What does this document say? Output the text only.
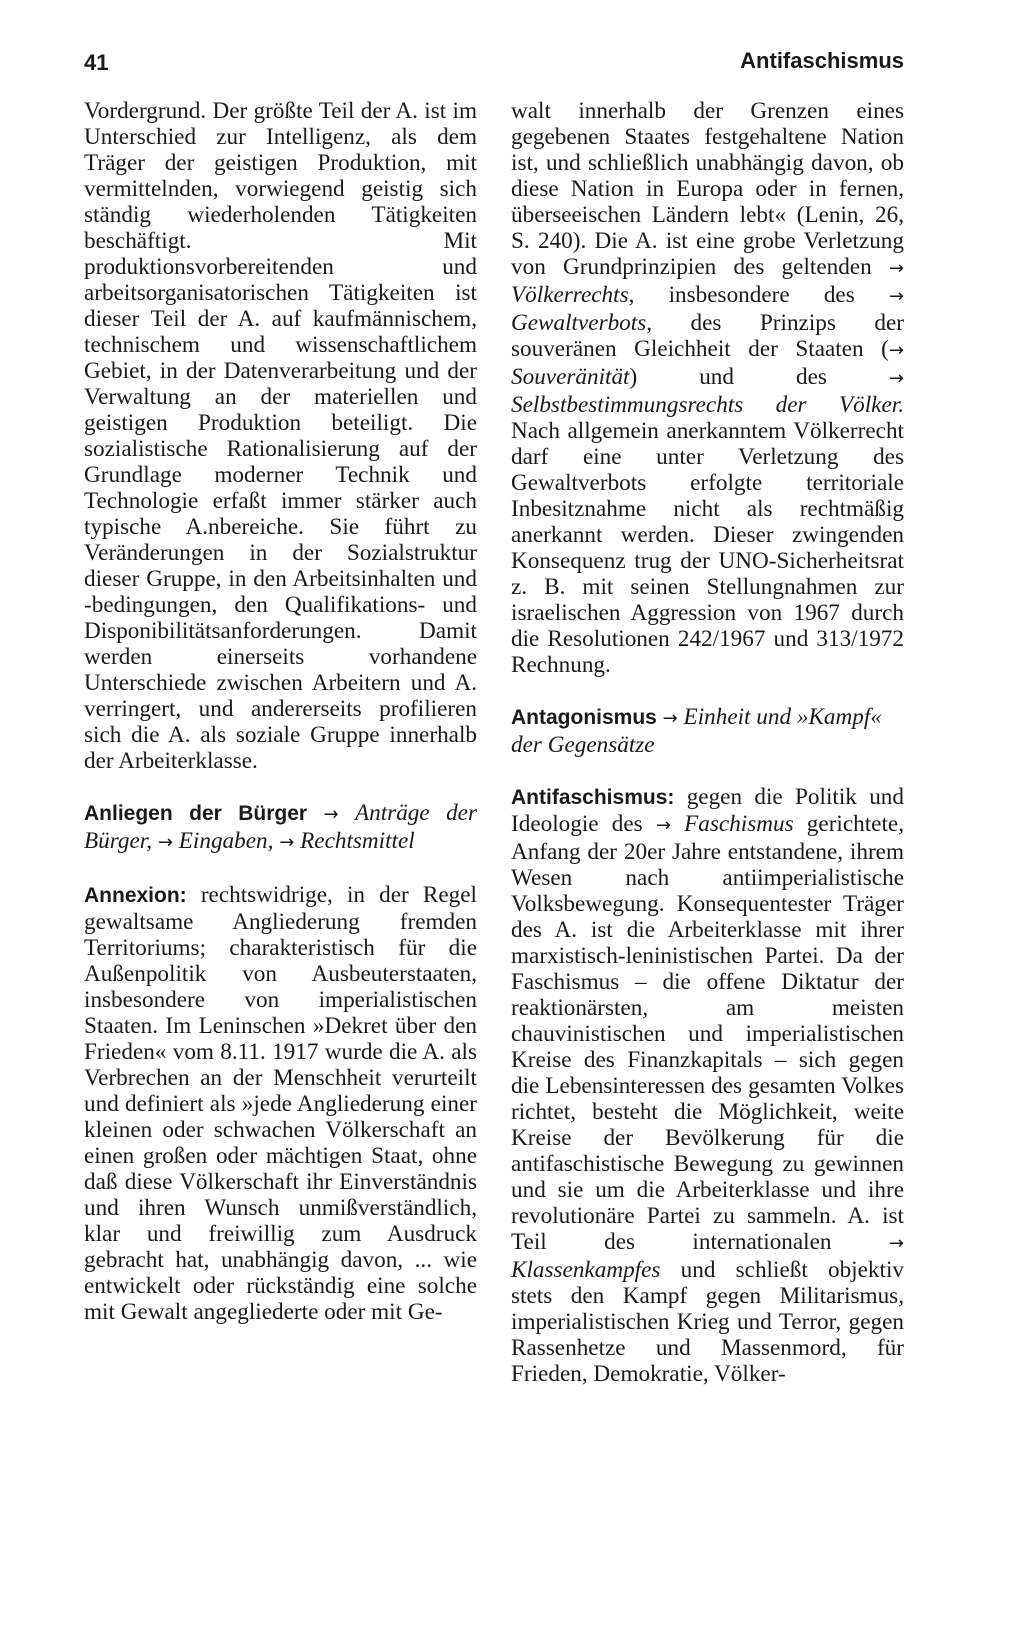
41	Antifaschismus

Vordergrund. Der größte Teil der A. ist im Unterschied zur Intelligenz, als dem Träger der geistigen Produktion, mit vermittelnden, vorwiegend geistig sich ständig wiederholenden Tätigkeiten beschäftigt. Mit produktionsvorbereitenden und arbeitsorganisatorischen Tätigkeiten ist dieser Teil der A. auf kaufmännischem, technischem und wissenschaftlichem Gebiet, in der Datenverarbeitung und der Verwaltung an der materiellen und geistigen Produktion beteiligt. Die sozialistische Rationalisierung auf der Grundlage moderner Technik und Technologie erfaßt immer stärker auch typische A.nbereiche. Sie führt zu Veränderungen in der Sozialstruktur dieser Gruppe, in den Arbeitsinhalten und -bedingungen, den Qualifikations- und Disponibilitätsanforderungen. Damit werden einerseits vorhandene Unterschiede zwischen Arbeitern und A. verringert, und andererseits profilieren sich die A. als soziale Gruppe innerhalb der Arbeiterklasse.

Anliegen der Bürger → Anträge der Bürger, → Eingaben, → Rechtsmittel

Annexion: rechtswidrige, in der Regel gewaltsame Angliederung fremden Territoriums; charakteristisch für die Außenpolitik von Ausbeuterstaaten, insbesondere von imperialistischen Staaten. Im Leninschen »Dekret über den Frieden« vom 8.11. 1917 wurde die A. als Verbrechen an der Menschheit verurteilt und definiert als »jede Angliederung einer kleinen oder schwachen Völkerschaft an einen großen oder mächtigen Staat, ohne daß diese Völkerschaft ihr Einverständnis und ihren Wunsch unmißverständlich, klar und freiwillig zum Ausdruck gebracht hat, unabhängig davon, ... wie entwickelt oder rückständig eine solche mit Gewalt angegliederte oder mit Ge-

walt innerhalb der Grenzen eines gegebenen Staates festgehaltene Nation ist, und schließlich unabhängig davon, ob diese Nation in Europa oder in fernen, überseeischen Ländern lebt« (Lenin, 26, S. 240). Die A. ist eine grobe Verletzung von Grundprinzipien des geltenden → Völkerrechts, insbesondere des → Gewaltverbots, des Prinzips der souveränen Gleichheit der Staaten (→ Souveränität) und des → Selbstbestimmungsrechts der Völker. Nach allgemein anerkanntem Völkerrecht darf eine unter Verletzung des Gewaltverbots erfolgte territoriale Inbesitznahme nicht als rechtmäßig anerkannt werden. Dieser zwingenden Konsequenz trug der UNO-Sicherheitsrat z. B. mit seinen Stellungnahmen zur israelischen Aggression von 1967 durch die Resolutionen 242/1967 und 313/1972 Rechnung.

Antagonismus → Einheit und »Kampf« der Gegensätze

Antifaschismus: gegen die Politik und Ideologie des → Faschismus gerichtete, Anfang der 20er Jahre entstandene, ihrem Wesen nach antiimperialistische Volksbewegung. Konsequentester Träger des A. ist die Arbeiterklasse mit ihrer marxistisch-leninistischen Partei. Da der Faschismus – die offene Diktatur der reaktionärsten, am meisten chauvinistischen und imperialistischen Kreise des Finanzkapitals – sich gegen die Lebensinteressen des gesamten Volkes richtet, besteht die Möglichkeit, weite Kreise der Bevölkerung für die antifaschistische Bewegung zu gewinnen und sie um die Arbeiterklasse und ihre revolutionäre Partei zu sammeln. A. ist Teil des internationalen → Klassenkampfes und schließt objektiv stets den Kampf gegen Militarismus, imperialistischen Krieg und Terror, gegen Rassenhetze und Massenmord, für Frieden, Demokratie, Völker-
